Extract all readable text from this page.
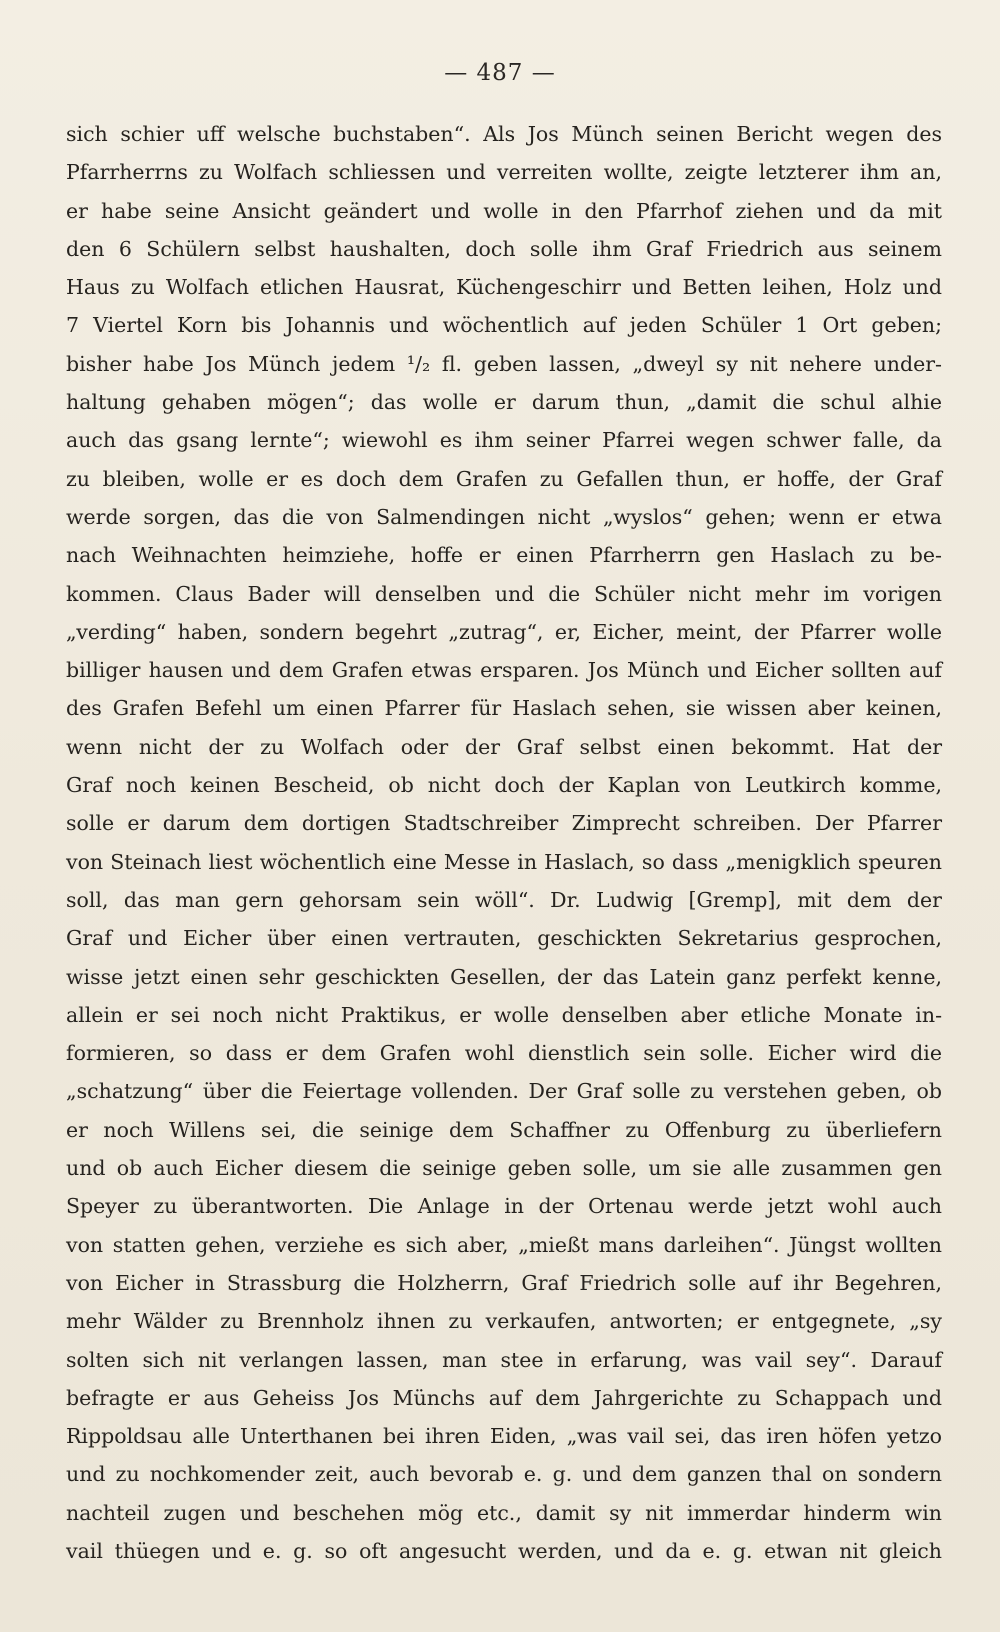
— 487 —
sich schier uff welsche buchstaben“. Als Jos Münch seinen Bericht wegen des
Pfarrherrns zu Wolfach schliessen und verreiten wollte, zeigte letzterer ihm an,
er habe seine Ansicht geändert und wolle in den Pfarrhof ziehen und da mit
den 6 Schülern selbst haushalten, doch solle ihm Graf Friedrich aus seinem
Haus zu Wolfach etlichen Hausrat, Küchengeschirr und Betten leihen, Holz und
7 Viertel Korn bis Johannis und wöchentlich auf jeden Schüler 1 Ort geben;
bisher habe Jos Münch jedem ¹/₂ fl. geben lassen, „dweyl sy nit nehere under-
haltung gehaben mögen“; das wolle er darum thun, „damit die schul alhie
auch das gsang lernte“; wiewohl es ihm seiner Pfarrei wegen schwer falle, da
zu bleiben, wolle er es doch dem Grafen zu Gefallen thun, er hoffe, der Graf
werde sorgen, das die von Salmendingen nicht „wyslos“ gehen; wenn er etwa
nach Weihnachten heimziehe, hoffe er einen Pfarrherrn gen Haslach zu be-
kommen. Claus Bader will denselben und die Schüler nicht mehr im vorigen
„verding“ haben, sondern begehrt „zutrag“, er, Eicher, meint, der Pfarrer wolle
billiger hausen und dem Grafen etwas ersparen. Jos Münch und Eicher sollten auf
des Grafen Befehl um einen Pfarrer für Haslach sehen, sie wissen aber keinen,
wenn nicht der zu Wolfach oder der Graf selbst einen bekommt. Hat der
Graf noch keinen Bescheid, ob nicht doch der Kaplan von Leutkirch komme,
solle er darum dem dortigen Stadtschreiber Zimprecht schreiben. Der Pfarrer
von Steinach liest wöchentlich eine Messe in Haslach, so dass „menigklich speuren
soll, das man gern gehorsam sein wöll“. Dr. Ludwig [Gremp], mit dem der
Graf und Eicher über einen vertrauten, geschickten Sekretarius gesprochen,
wisse jetzt einen sehr geschickten Gesellen, der das Latein ganz perfekt kenne,
allein er sei noch nicht Praktikus, er wolle denselben aber etliche Monate in-
formieren, so dass er dem Grafen wohl dienstlich sein solle. Eicher wird die
„schatzung“ über die Feiertage vollenden. Der Graf solle zu verstehen geben, ob
er noch Willens sei, die seinige dem Schaffner zu Offenburg zu überliefern
und ob auch Eicher diesem die seinige geben solle, um sie alle zusammen gen
Speyer zu überantworten. Die Anlage in der Ortenau werde jetzt wohl auch
von statten gehen, verziehe es sich aber, „mießt mans darleihen“. Jüngst wollten
von Eicher in Strassburg die Holzherrn, Graf Friedrich solle auf ihr Begehren,
mehr Wälder zu Brennholz ihnen zu verkaufen, antworten; er entgegnete, „sy
solten sich nit verlangen lassen, man stee in erfarung, was vail sey“. Darauf
befragte er aus Geheiss Jos Münchs auf dem Jahrgerichte zu Schappach und
Rippoldsau alle Unterthanen bei ihren Eiden, „was vail sei, das iren höfen yetzo
und zu nochkomender zeit, auch bevorab e. g. und dem ganzen thal on sondern
nachteil zugen und beschehen mög etc., damit sy nit immerdar hinderm win
vail thüegen und e. g. so oft angesucht werden, und da e. g. etwan nit gleich
